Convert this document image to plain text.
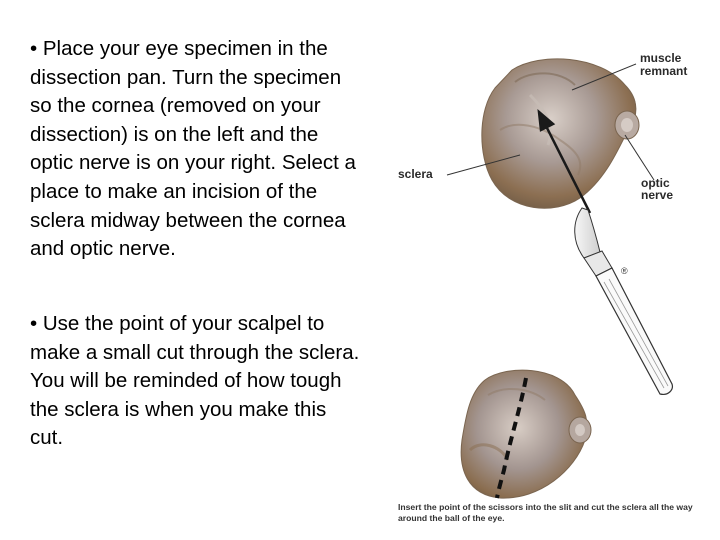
• Place your eye specimen in the dissection pan. Turn the specimen so the cornea (removed on your dissection) is on the left and the optic nerve is on your right. Select a place to make an incision of the sclera midway between the cornea and optic nerve.

• Use the point of your scalpel to make a small cut through the sclera. You will be reminded of how tough the sclera is when you make this cut.

muscle
remnant
sclera
optic
nerve
®
Insert the point of the scissors into the slit and cut the sclera all the way around the ball of the eye.
